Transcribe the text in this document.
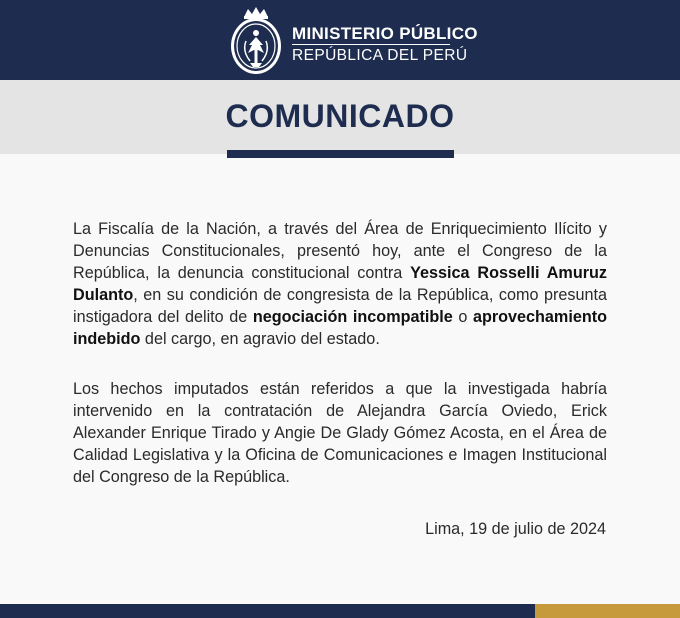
MINISTERIO PÚBLICO
REPÚBLICA DEL PERÚ
COMUNICADO

La Fiscalía de la Nación, a través del Área de Enriquecimiento Ilícito y Denuncias Constitucionales, presentó hoy, ante el Congreso de la República, la denuncia constitucional contra Yessica Rosselli Amuruz Dulanto, en su condición de congresista de la República, como presunta instigadora del delito de negociación incompatible o aprovechamiento indebido del cargo, en agravio del estado.

Los hechos imputados están referidos a que la investigada habría intervenido en la contratación de Alejandra García Oviedo, Erick Alexander Enrique Tirado y Angie De Glady Gómez Acosta, en el Área de Calidad Legislativa y la Oficina de Comunicaciones e Imagen Institucional del Congreso de la República.

Lima, 19 de julio de 2024
